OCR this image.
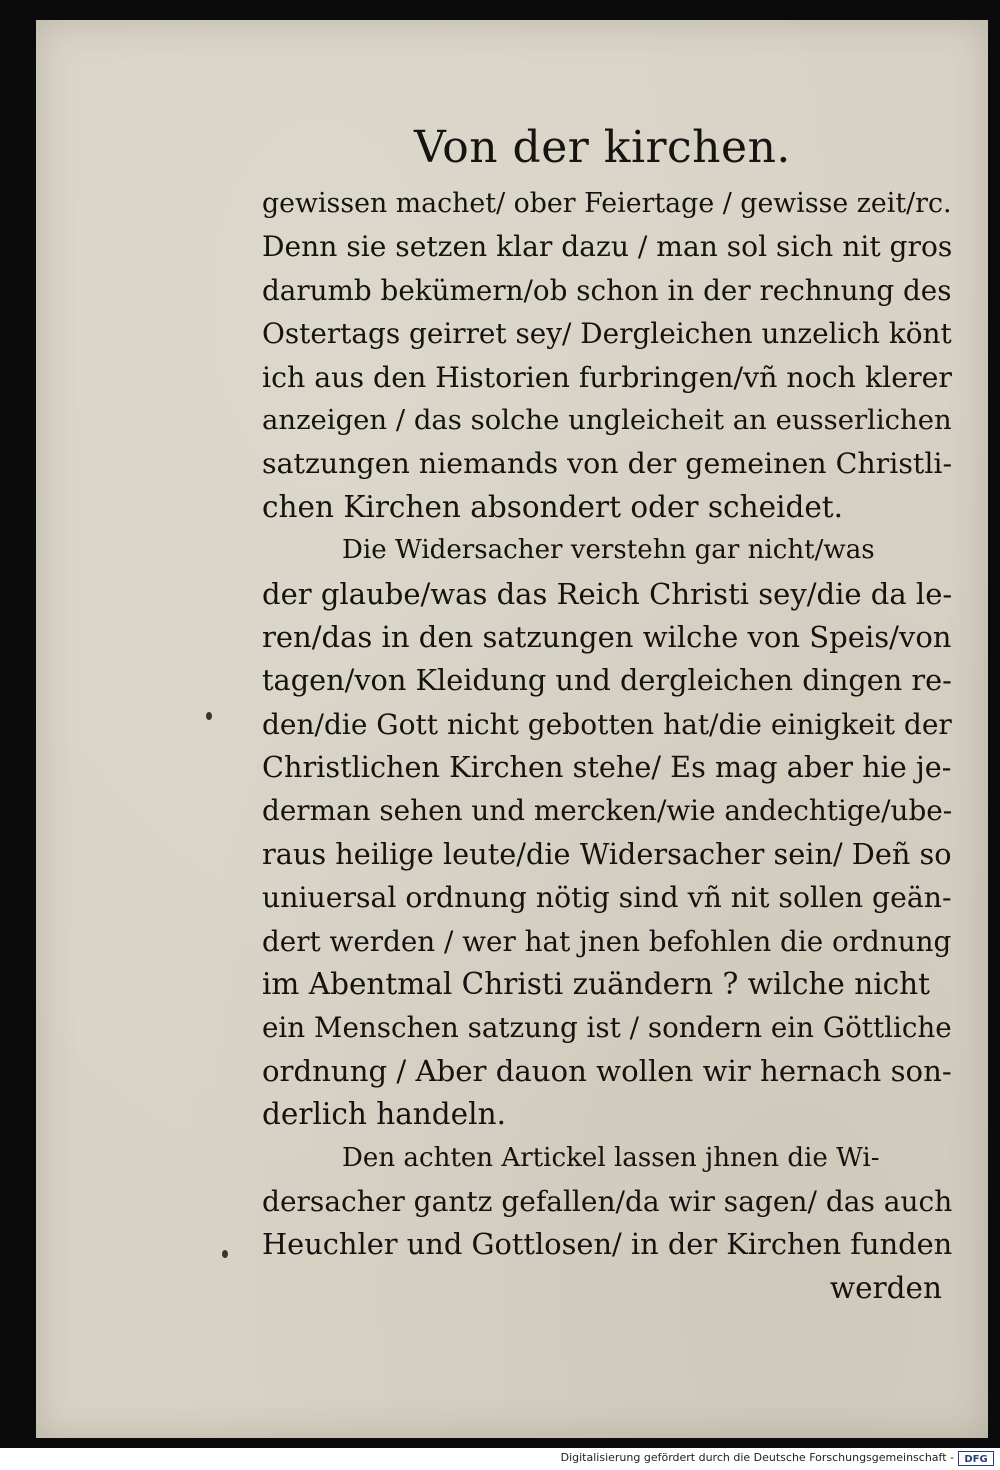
Von der kirchen.
gewissen machet/ ober Feiertage / gewisse zeit/rc.
Denn sie setzen klar dazu / man sol sich nit gros
darumb bekümern/ob schon in der rechnung des
Ostertags geirret sey/ Dergleichen unzelich könt
ich aus den Historien furbringen/vñ noch klerer
anzeigen / das solche ungleicheit an eusserlichen
satzungen niemands von der gemeinen Christli-
chen Kirchen absondert oder scheidet.
Die Widersacher verstehn gar nicht/was
der glaube/was das Reich Christi sey/die da le-
ren/das in den satzungen wilche von Speis/von
tagen/von Kleidung und dergleichen dingen re-
den/die Gott nicht gebotten hat/die einigkeit der
Christlichen Kirchen stehe/ Es mag aber hie je-
derman sehen und mercken/wie andechtige/ube-
raus heilige leute/die Widersacher sein/ Deñ so
uniuersal ordnung nötig sind vñ nit sollen geän-
dert werden / wer hat jnen befohlen die ordnung
im Abentmal Christi zuändern ? wilche nicht
ein Menschen satzung ist / sondern ein Göttliche
ordnung / Aber dauon wollen wir hernach son-
derlich handeln.
Den achten Artickel lassen jhnen die Wi-
dersacher gantz gefallen/da wir sagen/ das auch
Heuchler und Gottlosen/ in der Kirchen funden
werden
Digitalisierung gefördert durch die Deutsche Forschungsgemeinschaft -	DFG
